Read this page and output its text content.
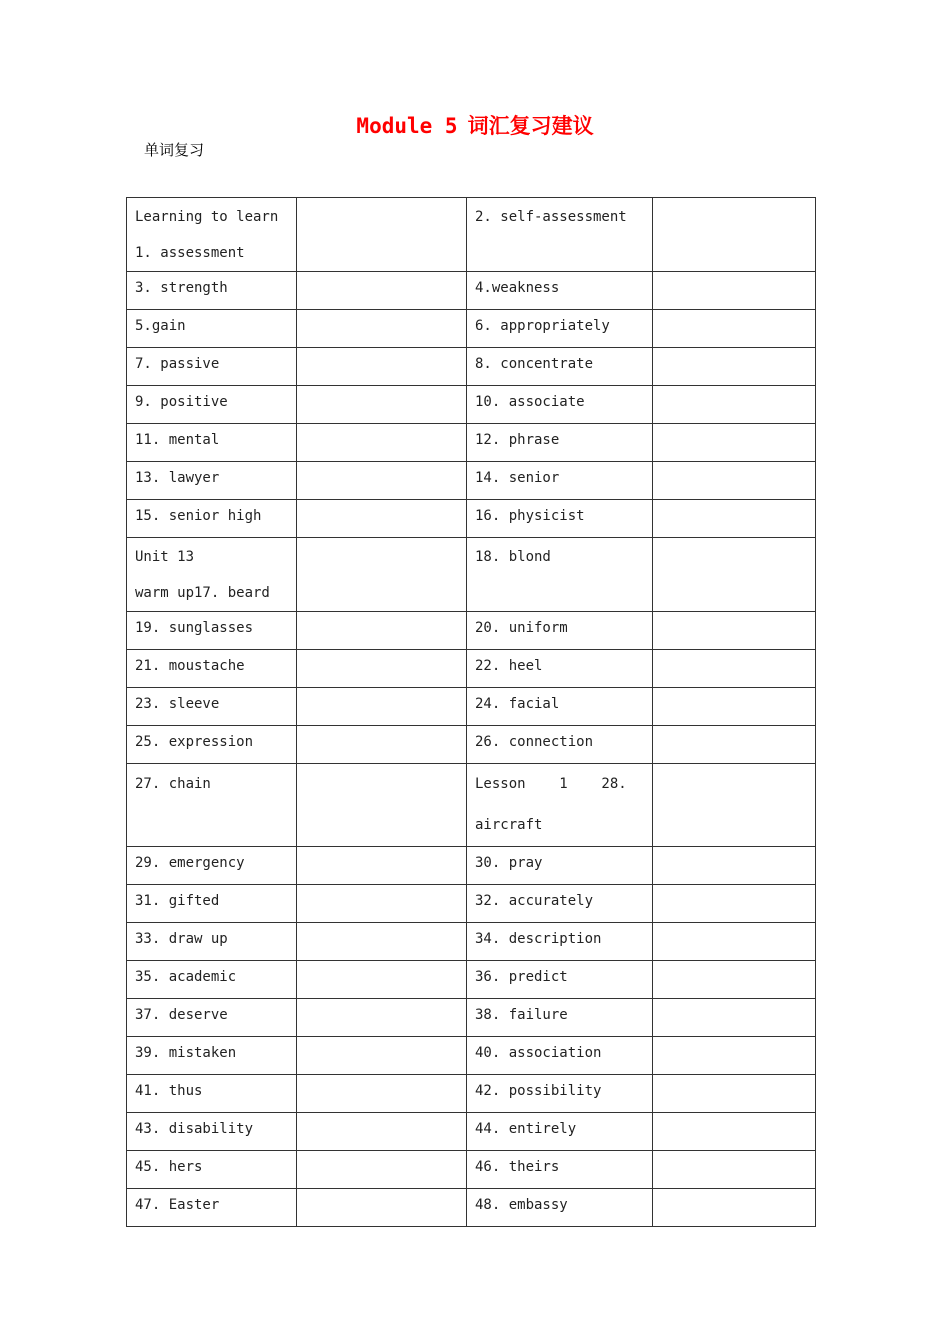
Module 5 词汇复习建议
单词复习
Learning to learn
1. assessment		2. self-assessment	
3. strength		4.weakness	
5.gain		6. appropriately	
7. passive		8. concentrate	
9. positive		10. associate	
11. mental		12. phrase	
13. lawyer		14. senior	
15. senior high		16. physicist	
Unit 13
warm up17. beard		18. blond	
19. sunglasses		20. uniform	
21. moustache		22. heel	
23. sleeve		24. facial	
25. expression		26. connection	
27. chain		Lesson    1    28.
aircraft	
29. emergency		30. pray	
31. gifted		32. accurately	
33. draw up		34. description	
35. academic		36. predict	
37. deserve		38. failure	
39. mistaken		40. association	
41. thus		42. possibility	
43. disability		44. entirely	
45. hers		46. theirs	
47. Easter		48. embassy	
